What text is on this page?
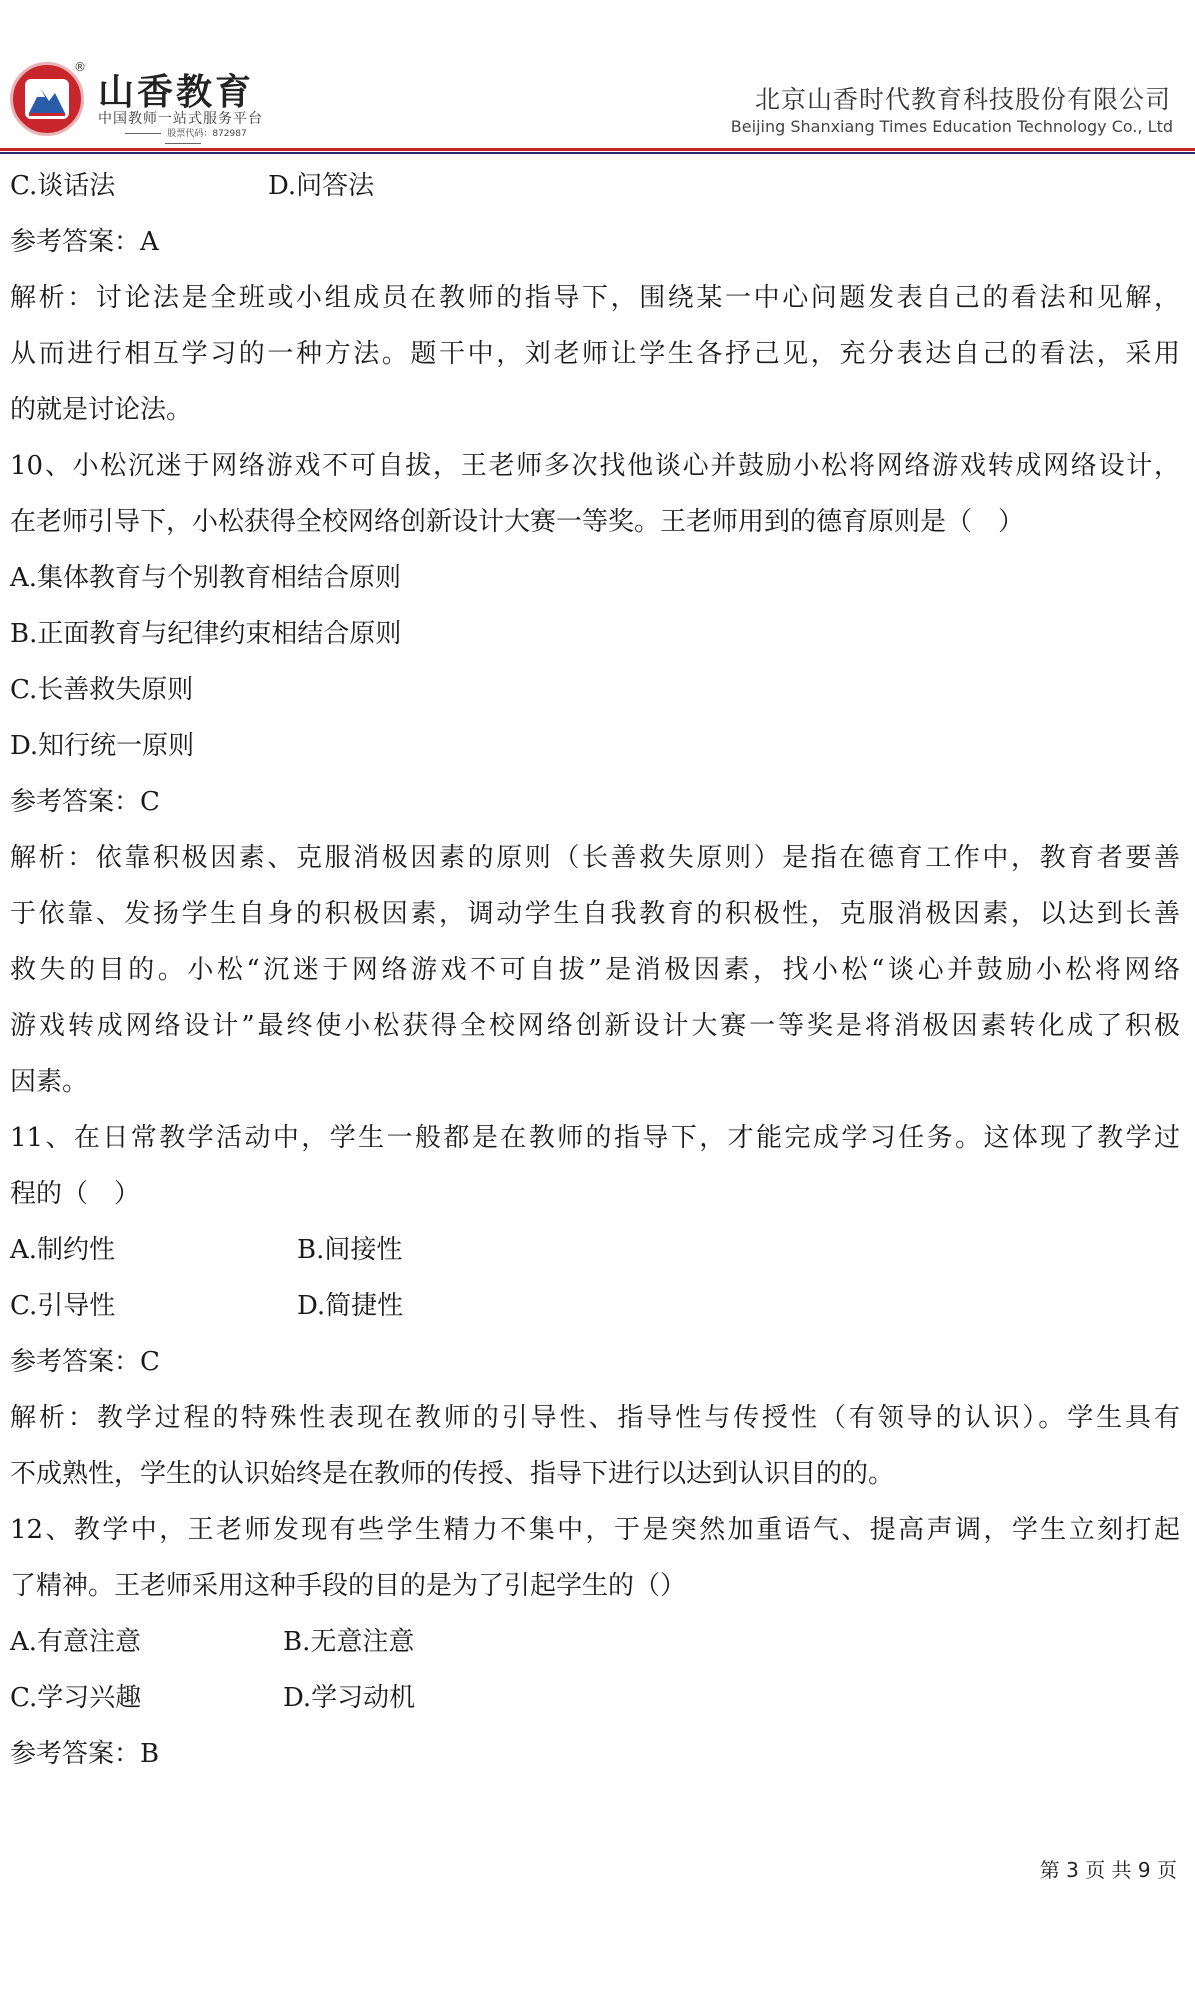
®
山香教育
中国教师一站式服务平台
股票代码：872987
北京山香时代教育科技股份有限公司
Beijing Shanxiang Times Education Technology Co., Ltd
C.谈话法	D.问答法
参考答案：A
解析：讨论法是全班或小组成员在教师的指导下，围绕某一中心问题发表自己的看法和见解，
从而进行相互学习的一种方法。题干中，刘老师让学生各抒己见，充分表达自己的看法，采用
的就是讨论法。
10、小松沉迷于网络游戏不可自拔，王老师多次找他谈心并鼓励小松将网络游戏转成网络设计，
在老师引导下，小松获得全校网络创新设计大赛一等奖。王老师用到的德育原则是（　）
A.集体教育与个别教育相结合原则
B.正面教育与纪律约束相结合原则
C.长善救失原则
D.知行统一原则
参考答案：C
解析：依靠积极因素、克服消极因素的原则（长善救失原则）是指在德育工作中，教育者要善
于依靠、发扬学生自身的积极因素，调动学生自我教育的积极性，克服消极因素，以达到长善
救失的目的。小松“沉迷于网络游戏不可自拔”是消极因素，找小松“谈心并鼓励小松将网络
游戏转成网络设计”最终使小松获得全校网络创新设计大赛一等奖是将消极因素转化成了积极
因素。
11、在日常教学活动中，学生一般都是在教师的指导下，才能完成学习任务。这体现了教学过
程的（　）
A.制约性	B.间接性
C.引导性	D.简捷性
参考答案：C
解析：教学过程的特殊性表现在教师的引导性、指导性与传授性（有领导的认识）。学生具有
不成熟性，学生的认识始终是在教师的传授、指导下进行以达到认识目的的。
12、教学中，王老师发现有些学生精力不集中，于是突然加重语气、提高声调，学生立刻打起
了精神。王老师采用这种手段的目的是为了引起学生的（）
A.有意注意	B.无意注意
C.学习兴趣	D.学习动机
参考答案：B
第 3 页 共 9 页
